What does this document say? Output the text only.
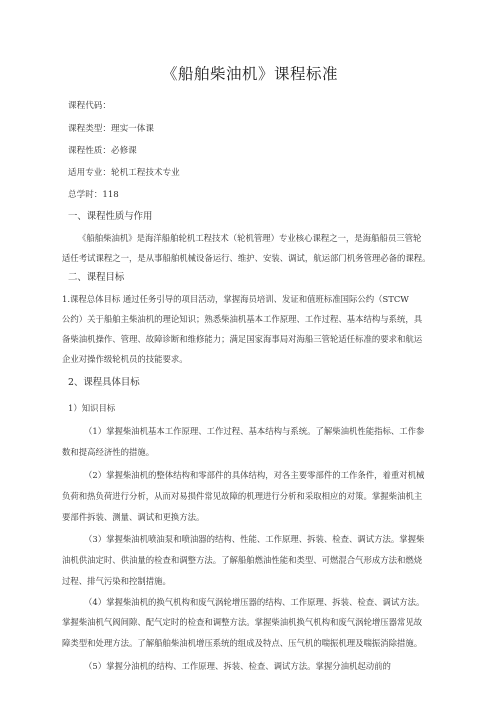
《船舶柴油机》课程标准
课程代码：
课程类型：理实一体课
课程性质：必修课
适用专业：轮机工程技术专业
总学时：118
一、课程性质与作用
《船舶柴油机》是海洋船舶轮机工程技术（轮机管理）专业核心课程之一，是海船船员三管轮
适任考试课程之一，是从事船舶机械设备运行、维护、安装、调试，航运部门机务管理必备的课程。
二、课程目标
1.课程总体目标 通过任务引导的项目活动，掌握海员培训、发证和值班标准国际公约（STCW
公约）关于船舶主柴油机的理论知识；熟悉柴油机基本工作原理、工作过程、基本结构与系统，具
备柴油机操作、管理、故障诊断和维修能力；满足国家海事局对海船三管轮适任标准的要求和航运
企业对操作级轮机员的技能要求。
2、课程具体目标
1）知识目标
（1）掌握柴油机基本工作原理、工作过程、基本结构与系统。了解柴油机性能指标、工作参
数和提高经济性的措施。
（2）掌握柴油机的整体结构和零部件的具体结构，对各主要零部件的工作条件，着重对机械
负荷和热负荷进行分析，从而对易损件常见故障的机理进行分析和采取相应的对策。掌握柴油机主
要部件拆装、测量、调试和更换方法。
（3）掌握柴油机喷油泵和喷油器的结构、性能、工作原理、拆装、检查、调试方法。掌握柴
油机供油定时、供油量的检查和调整方法。了解船舶燃油性能和类型、可燃混合气形成方法和燃烧
过程、排气污染和控制措施。
（4）掌握柴油机的换气机构和废气涡轮增压器的结构、工作原理、拆装、检查、调试方法。
掌握柴油机气阀间隙、配气定时的检查和调整方法。掌握柴油机换气机构和废气涡轮增压器常见故
障类型和处理方法。了解船舶柴油机增压系统的组成及特点、压气机的喘振机理及喘振消除措施。
（5）掌握分油机的结构、工作原理、拆装、检查、调试方法。掌握分油机起动前的
